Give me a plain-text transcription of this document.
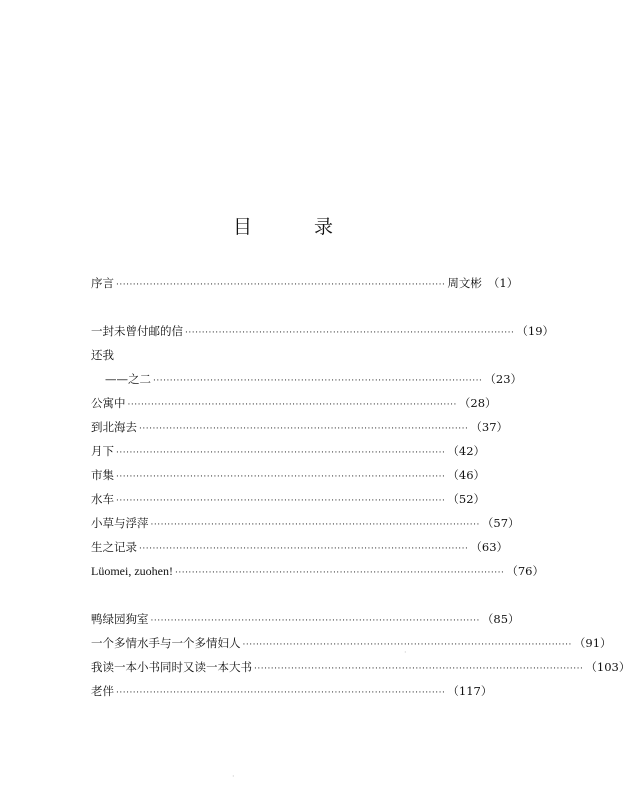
目 录
序言 ·································································································· 周文彬 （1）
一封未曾付邮的信 ·································································································· （19）
还我
——之二 ·································································································· （23）
公寓中 ·································································································· （28）
到北海去 ·································································································· （37）
月下 ·································································································· （42）
市集 ·································································································· （46）
水车 ·································································································· （52）
小草与浮萍 ·································································································· （57）
生之记录 ·································································································· （63）
Lüomei, zuohen! ·································································································· （76）
鸭绿园狗室 ·································································································· （85）
一个多情水手与一个多情妇人 ·································································································· （91）
我读一本小书同时又读一本大书 ·································································································· （103）
老伴 ·································································································· （117）
·
·
